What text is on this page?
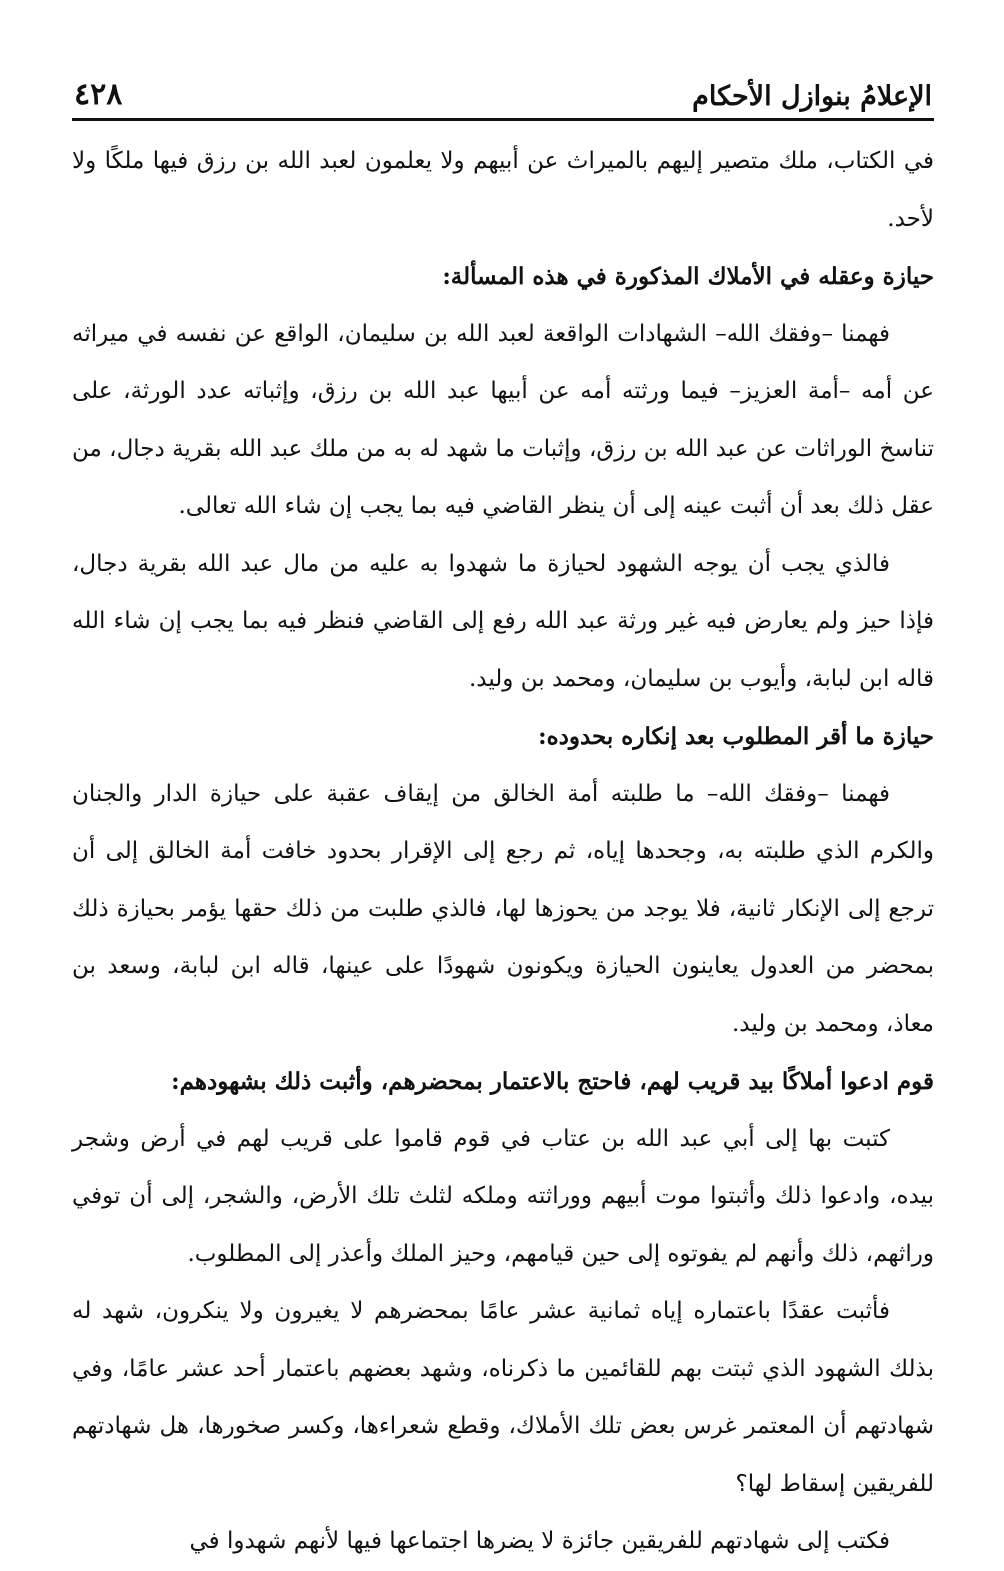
الإعلامُ بنوازل الأحكام
٤٢٨

في الكتاب، ملك متصير إليهم بالميراث عن أبيهم ولا يعلمون لعبد الله بن رزق فيها ملكًا ولا لأحد.

حيازة وعقله في الأملاك المذكورة في هذه المسألة:

فهمنا –وفقك الله– الشهادات الواقعة لعبد الله بن سليمان، الواقع عن نفسه في ميراثه عن أمه –أمة العزيز– فيما ورثته أمه عن أبيها عبد الله بن رزق، وإثباته عدد الورثة، على تناسخ الوراثات عن عبد الله بن رزق، وإثبات ما شهد له به من ملك عبد الله بقرية دجال، من عقل ذلك بعد أن أثبت عينه إلى أن ينظر القاضي فيه بما يجب إن شاء الله تعالى.

فالذي يجب أن يوجه الشهود لحيازة ما شهدوا به عليه من مال عبد الله بقرية دجال، فإذا حيز ولم يعارض فيه غير ورثة عبد الله رفع إلى القاضي فنظر فيه بما يجب إن شاء الله قاله ابن لبابة، وأيوب بن سليمان، ومحمد بن وليد.

حيازة ما أقر المطلوب بعد إنكاره بحدوده:

فهمنا –وفقك الله– ما طلبته أمة الخالق من إيقاف عقبة على حيازة الدار والجنان والكرم الذي طلبته به، وجحدها إياه، ثم رجع إلى الإقرار بحدود خافت أمة الخالق إلى أن ترجع إلى الإنكار ثانية، فلا يوجد من يحوزها لها، فالذي طلبت من ذلك حقها يؤمر بحيازة ذلك بمحضر من العدول يعاينون الحيازة ويكونون شهودًا على عينها، قاله ابن لبابة، وسعد بن معاذ، ومحمد بن وليد.

قوم ادعوا أملاكًا بيد قريب لهم، فاحتج بالاعتمار بمحضرهم، وأثبت ذلك بشهودهم:

كتبت بها إلى أبي عبد الله بن عتاب في قوم قاموا على قريب لهم في أرض وشجر بيده، وادعوا ذلك وأثبتوا موت أبيهم ووراثته وملكه لثلث تلك الأرض، والشجر، إلى أن توفي وراثهم، ذلك وأنهم لم يفوتوه إلى حين قيامهم، وحيز الملك وأعذر إلى المطلوب.

فأثبت عقدًا باعتماره إياه ثمانية عشر عامًا بمحضرهم لا يغيرون ولا ينكرون، شهد له بذلك الشهود الذي ثبتت بهم للقائمين ما ذكرناه، وشهد بعضهم باعتمار أحد عشر عامًا، وفي شهادتهم أن المعتمر غرس بعض تلك الأملاك، وقطع شعراءها، وكسر صخورها، هل شهادتهم للفريقين إسقاط لها؟

فكتب إلى شهادتهم للفريقين جائزة لا يضرها اجتماعها فيها لأنهم شهدوا في
